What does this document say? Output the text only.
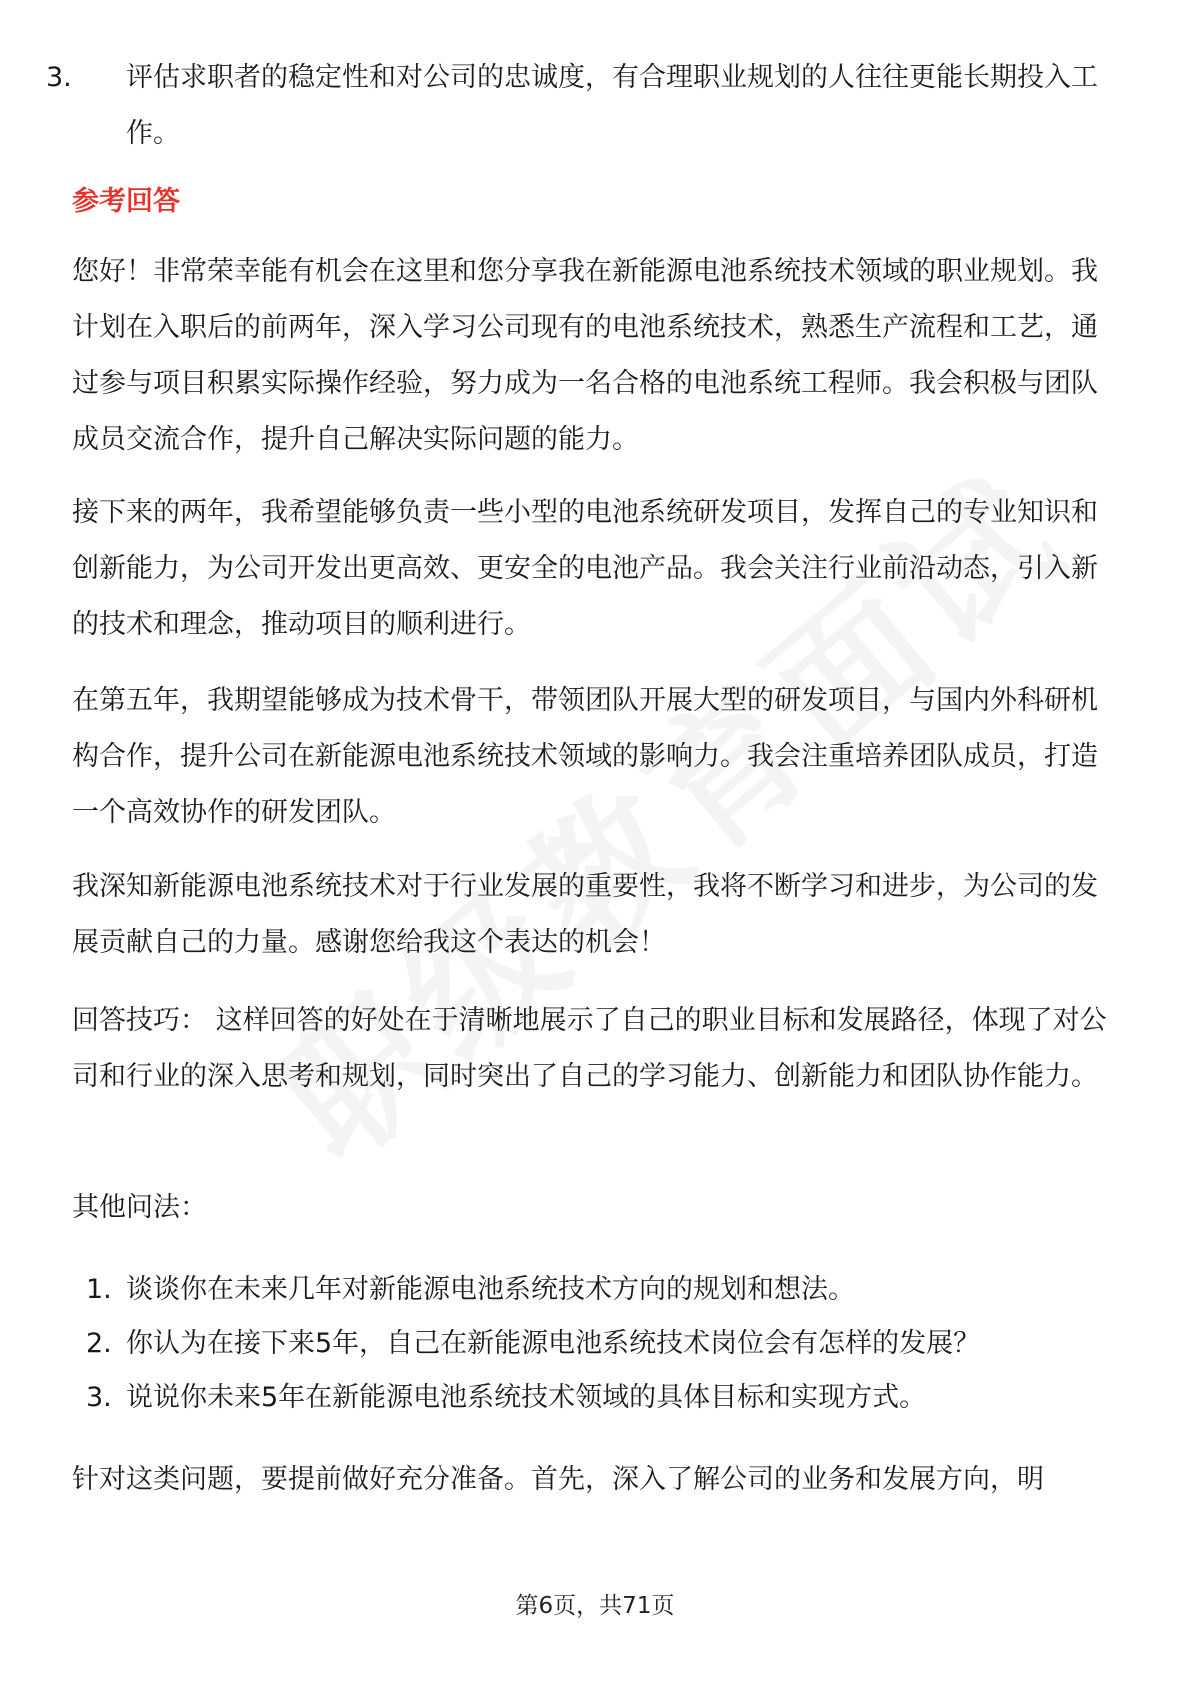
3. 评估求职者的稳定性和对公司的忠诚度，有合理职业规划的人往往更能长期投入工作。
参考回答

您好！非常荣幸能有机会在这里和您分享我在新能源电池系统技术领域的职业规划。我计划在入职后的前两年，深入学习公司现有的电池系统技术，熟悉生产流程和工艺，通过参与项目积累实际操作经验，努力成为一名合格的电池系统工程师。我会积极与团队成员交流合作，提升自己解决实际问题的能力。

接下来的两年，我希望能够负责一些小型的电池系统研发项目，发挥自己的专业知识和创新能力，为公司开发出更高效、更安全的电池产品。我会关注行业前沿动态，引入新的技术和理念，推动项目的顺利进行。

在第五年，我期望能够成为技术骨干，带领团队开展大型的研发项目，与国内外科研机构合作，提升公司在新能源电池系统技术领域的影响力。我会注重培养团队成员，打造一个高效协作的研发团队。

我深知新能源电池系统技术对于行业发展的重要性，我将不断学习和进步，为公司的发展贡献自己的力量。感谢您给我这个表达的机会！

回答技巧： 这样回答的好处在于清晰地展示了自己的职业目标和发展路径，体现了对公司和行业的深入思考和规划，同时突出了自己的学习能力、创新能力和团队协作能力。

其他问法：

1. 谈谈你在未来几年对新能源电池系统技术方向的规划和想法。
2. 你认为在接下来5年，自己在新能源电池系统技术岗位会有怎样的发展？
3. 说说你未来5年在新能源电池系统技术领域的具体目标和实现方式。

针对这类问题，要提前做好充分准备。首先，深入了解公司的业务和发展方向，明

第6页，共71页
